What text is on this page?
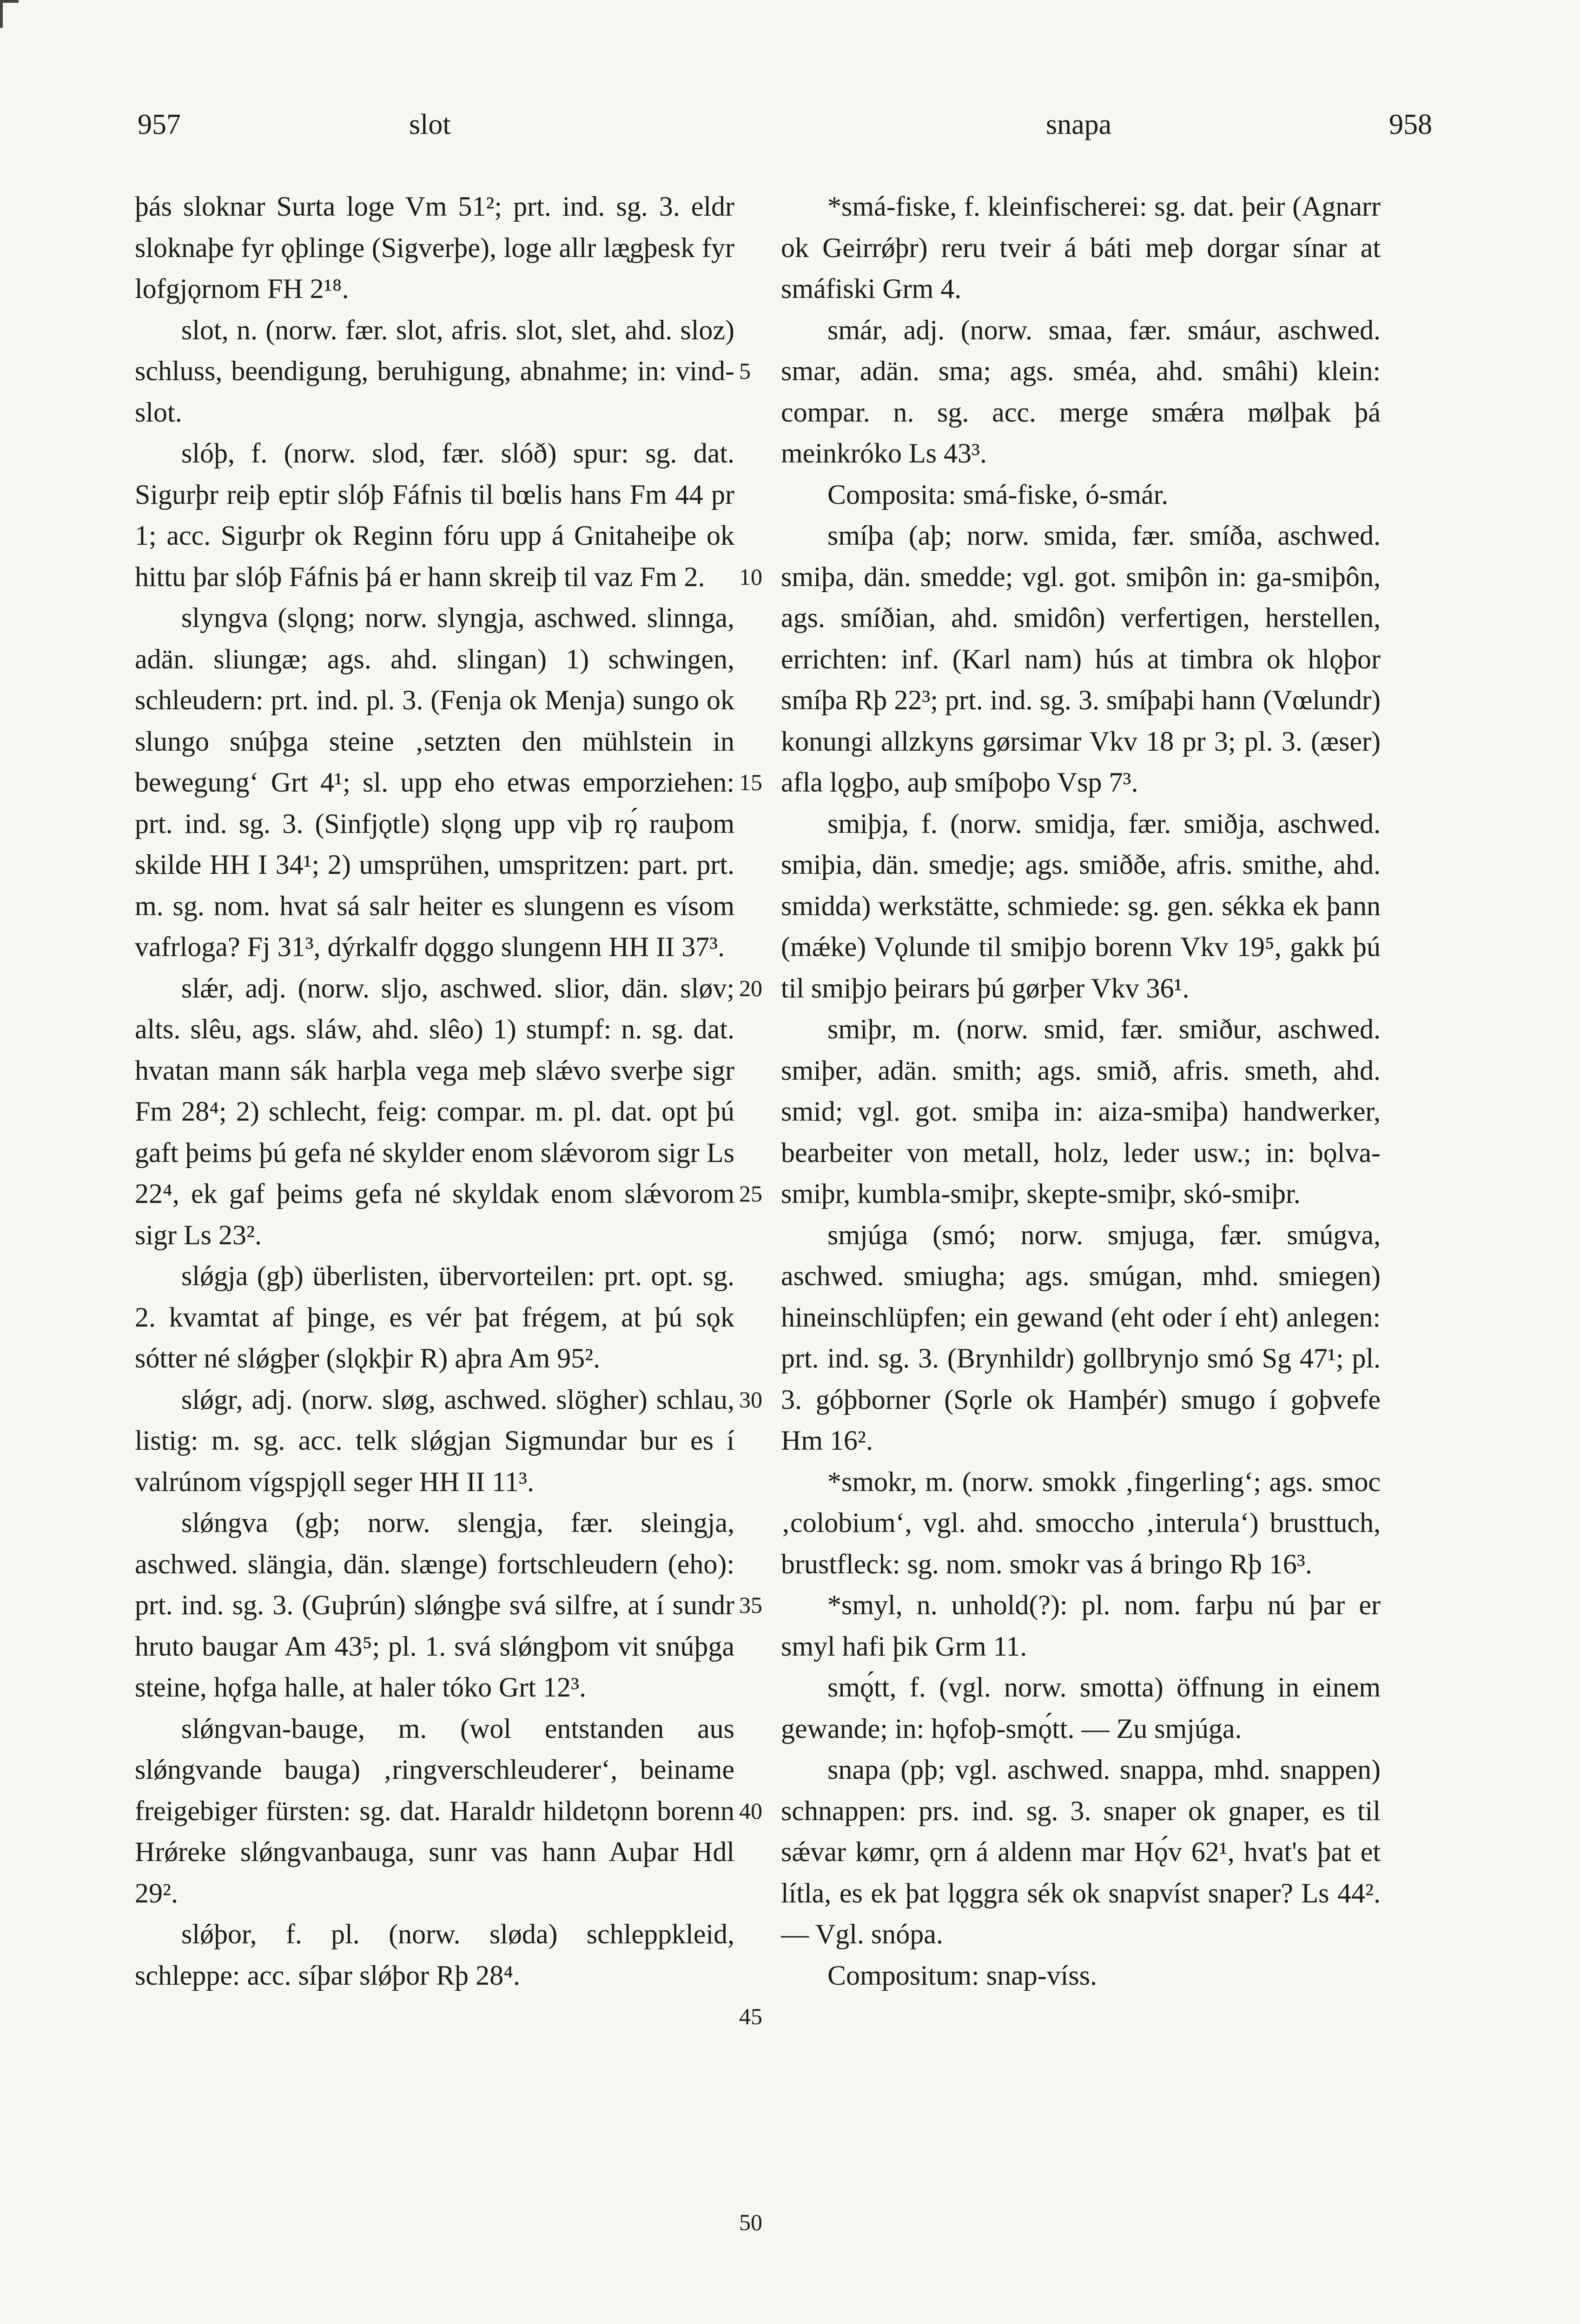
957	slot	snapa	958

þás sloknar Surta loge Vm 51²; prt. ind. sg. 3. eldr sloknaþe fyr ǫþlinge (Sigverþe), loge allr læ̨gþesk fyr lofgjǫrnom FH 2¹⁸.

slot, n. (norw. fær. slot, afris. slot, slet, ahd. sloz) schluss, beendigung, beruhigung, abnahme; in: vind-slot.

slóþ, f. (norw. slod, fær. slóð) spur: sg. dat. Sigurþr reiþ eptir slóþ Fáfnis til bœlis hans Fm 44 pr 1; acc. Sigurþr ok Reginn fóru upp á Gnitaheiþe ok hittu þar slóþ Fáfnis þá er hann skreiþ til vaz Fm 2.

slyngva (slǫng; norw. slyngja, aschwed. slinnga, adän. sliungæ; ags. ahd. slingan) 1) schwingen, schleudern: prt. ind. pl. 3. (Fenja ok Menja) sungo ok slungo snúþga steine ‚setzten den mühlstein in bewegung‘ Grt 4¹; sl. upp eho etwas emporziehen: prt. ind. sg. 3. (Sinfjǫtle) slǫng upp viþ rǫ́ rauþom skilde HH I 34¹; 2) umsprühen, umspritzen: part. prt. m. sg. nom. hvat sá salr heiter es slungenn es vísom vafrloga? Fj 31³, dýrkalfr dǫggo slungenn HH II 37³.

slǽr, adj. (norw. sljo, aschwed. slior, dän. sløv; alts. slêu, ags. sláw, ahd. slêo) 1) stumpf: n. sg. dat. hvatan mann sák harþla vega meþ slǽvo sverþe sigr Fm 28⁴; 2) schlecht, feig: compar. m. pl. dat. opt þú gaft þeims þú gefa né skylder enom slǽvorom sigr Ls 22⁴, ek gaf þeims gefa né skyldak enom slǽvorom sigr Ls 23².

slǿgja (gþ) überlisten, übervorteilen: prt. opt. sg. 2. kvamtat af þinge, es vér þat frégem, at þú sǫk sótter né slǿgþer (slǫkþir R) aþra Am 95².

slǿgr, adj. (norw. sløg, aschwed. slögher) schlau, listig: m. sg. acc. telk slǿgjan Sigmundar bur es í valrúnom vígspjǫll seger HH II 11³.

slǿngva (gþ; norw. slengja, fær. sleingja, aschwed. slängia, dän. slænge) fortschleudern (eho): prt. ind. sg. 3. (Guþrún) slǿngþe svá silfre, at í sundr hruto baugar Am 43⁵; pl. 1. svá slǿngþom vit snúþga steine, hǫfga halle, at haler tóko Grt 12³.

slǿngvan-bauge, m. (wol entstanden aus slǿngvande bauga) ‚ringverschleuderer‘, beiname freigebiger fürsten: sg. dat. Haraldr hildetǫnn borenn Hrǿreke slǿngvanbauga, sunr vas hann Auþar Hdl 29².

slǿþor, f. pl. (norw. sløda) schleppkleid, schleppe: acc. síþar slǿþor Rþ 28⁴.

5
10
15
20
25
30
35
40
45
50

*smá-fiske, f. kleinfischerei: sg. dat. þeir (Agnarr ok Geirrǿþr) reru tveir á báti meþ dorgar sínar at smáfiski Grm 4.

smár, adj. (norw. smaa, fær. smáur, aschwed. smar, adän. sma; ags. sméa, ahd. smâhi) klein: compar. n. sg. acc. merge smǽra mølþak þá meinkróko Ls 43³.

Composita: smá-fiske, ó-smár.

smíþa (aþ; norw. smida, fær. smíða, aschwed. smiþa, dän. smedde; vgl. got. smiþôn in: ga-smiþôn, ags. smíðian, ahd. smidôn) verfertigen, herstellen, errichten: inf. (Karl nam) hús at timbra ok hlǫþor smíþa Rþ 22³; prt. ind. sg. 3. smíþaþi hann (Vœlundr) konungi allzkyns gørsimar Vkv 18 pr 3; pl. 3. (æser) afla lǫgþo, auþ smíþoþo Vsp 7³.

smiþja, f. (norw. smidja, fær. smiðja, aschwed. smiþia, dän. smedje; ags. smiððe, afris. smithe, ahd. smidda) werkstätte, schmiede: sg. gen. sékka ek þann (mǽke) Vǫlunde til smiþjo borenn Vkv 19⁵, gakk þú til smiþjo þeirars þú gørþer Vkv 36¹.

smiþr, m. (norw. smid, fær. smiður, aschwed. smiþer, adän. smith; ags. smið, afris. smeth, ahd. smid; vgl. got. smiþa in: aiza-smiþa) handwerker, bearbeiter von metall, holz, leder usw.; in: bǫlva-smiþr, kumbla-smiþr, skepte-smiþr, skó-smiþr.

smjúga (smó; norw. smjuga, fær. smúgva, aschwed. smiugha; ags. smúgan, mhd. smiegen) hineinschlüpfen; ein gewand (eht oder í eht) anlegen: prt. ind. sg. 3. (Brynhildr) gollbrynjo smó Sg 47¹; pl. 3. góþborner (Sǫrle ok Hamþér) smugo í goþvefe Hm 16².

*smokr, m. (norw. smokk ‚fingerling‘; ags. smoc ‚colobium‘, vgl. ahd. smoccho ‚interula‘) brusttuch, brustfleck: sg. nom. smokr vas á bringo Rþ 16³.

*smyl, n. unhold(?): pl. nom. farþu nú þar er smyl hafi þik Grm 11.

smǫ́tt, f. (vgl. norw. smotta) öffnung in einem gewande; in: hǫfoþ-smǫ́tt. — Zu smjúga.

snapa (pþ; vgl. aschwed. snappa, mhd. snappen) schnappen: prs. ind. sg. 3. snaper ok gnaper, es til sǽvar kømr, ǫrn á aldenn mar Hǫ́v 62¹, hvat's þat et lítla, es ek þat lǫggra sék ok snapvíst snaper? Ls 44². — Vgl. snópa.

Compositum: snap-víss.
